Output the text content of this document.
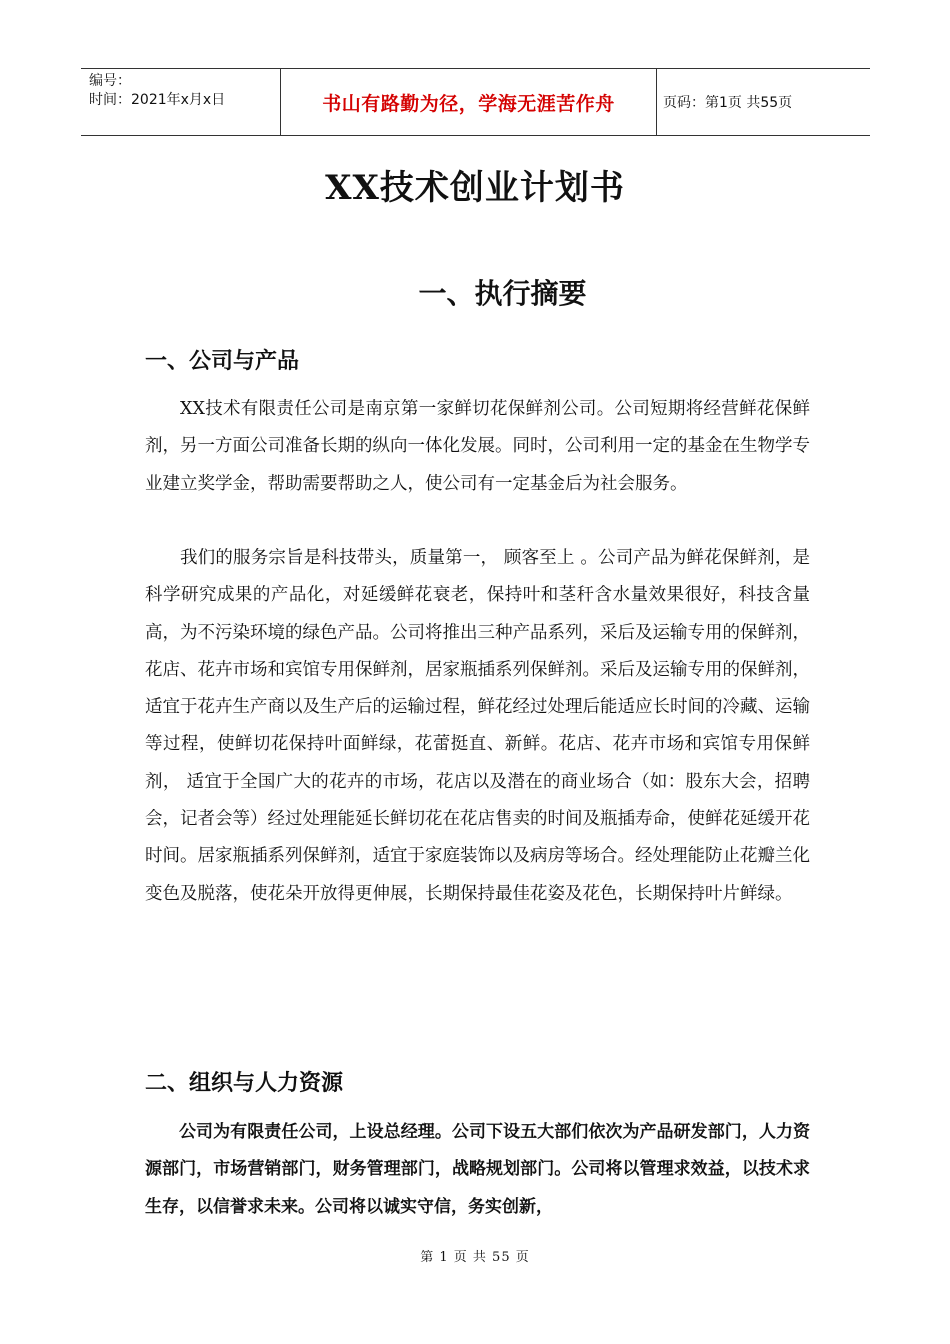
编号：
时间：2021年x月x日	书山有路勤为径，学海无涯苦作舟	页码：第1页 共55页
XX技术创业计划书
一、执行摘要
一、公司与产品

XX技术有限责任公司是南京第一家鲜切花保鲜剂公司。公司短期将经营鲜花保鲜剂，另一方面公司准备长期的纵向一体化发展。同时，公司利用一定的基金在生物学专业建立奖学金，帮助需要帮助之人，使公司有一定基金后为社会服务。

我们的服务宗旨是科技带头，质量第一， 顾客至上 。公司产品为鲜花保鲜剂，是科学研究成果的产品化，对延缓鲜花衰老，保持叶和茎秆含水量效果很好，科技含量高，为不污染环境的绿色产品。公司将推出三种产品系列，采后及运输专用的保鲜剂，花店、花卉市场和宾馆专用保鲜剂，居家瓶插系列保鲜剂。采后及运输专用的保鲜剂，适宜于花卉生产商以及生产后的运输过程，鲜花经过处理后能适应长时间的冷藏、运输等过程，使鲜切花保持叶面鲜绿，花蕾挺直、新鲜。花店、花卉市场和宾馆专用保鲜剂， 适宜于全国广大的花卉的市场，花店以及潜在的商业场合（如：股东大会，招聘会，记者会等）经过处理能延长鲜切花在花店售卖的时间及瓶插寿命，使鲜花延缓开花时间。居家瓶插系列保鲜剂，适宜于家庭装饰以及病房等场合。经处理能防止花瓣兰化变色及脱落，使花朵开放得更伸展，长期保持最佳花姿及花色，长期保持叶片鲜绿。

二、组织与人力资源

公司为有限责任公司，上设总经理。公司下设五大部们依次为产品研发部门，人力资源部门，市场营销部门，财务管理部门，战略规划部门。公司将以管理求效益，以技术求生存，以信誉求未来。公司将以诚实守信，务实创新，

第 1 页 共 55 页
